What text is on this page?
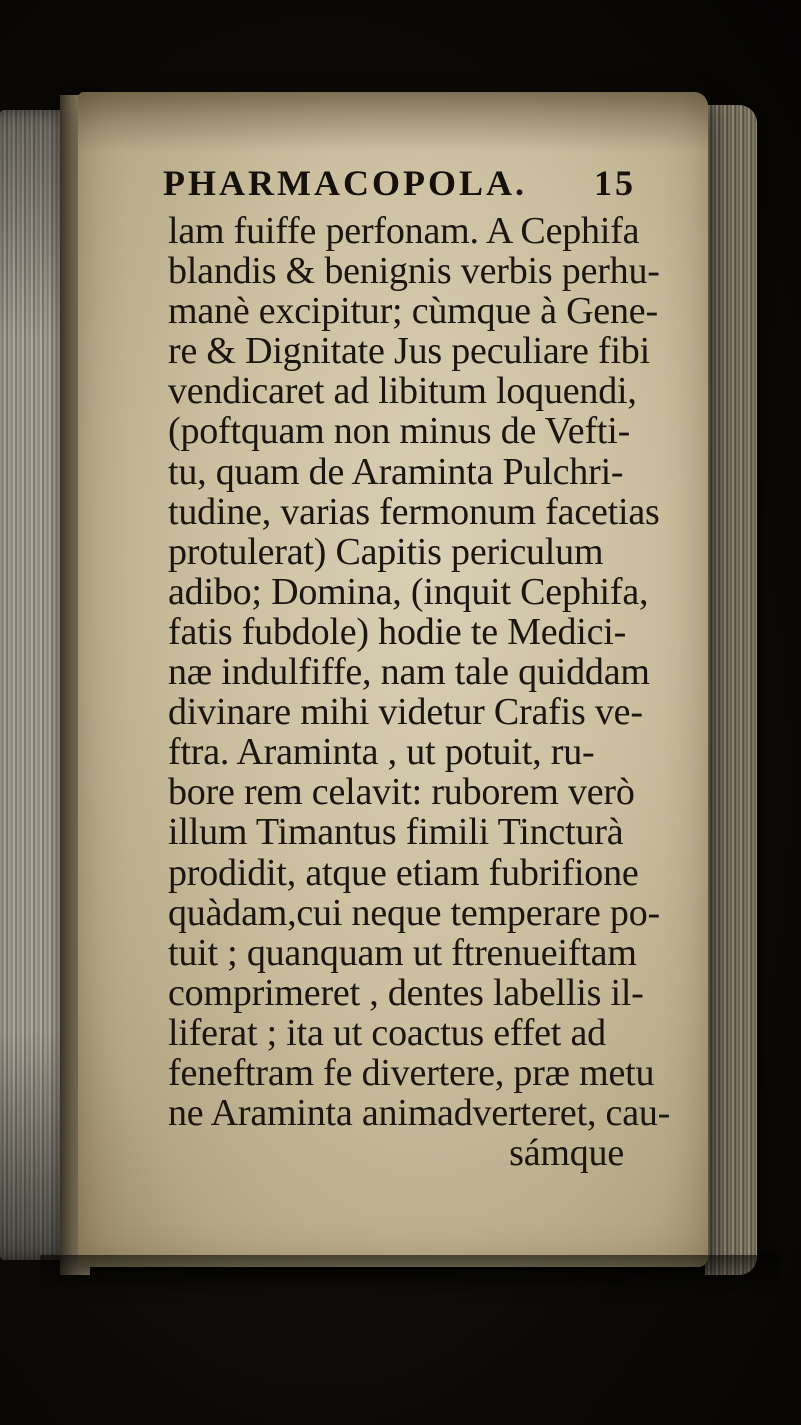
PHARMACOPOLA. 15
lam fuiffe perfonam. A Cephifa
blandis & benignis verbis perhu-
manè excipitur; cùmque à Gene-
re & Dignitate Jus peculiare fibi
vendicaret ad libitum loquendi,
(poftquam non minus de Vefti-
tu, quam de Araminta Pulchri-
tudine, varias fermonum facetias
protulerat) Capitis periculum
adibo; Domina, (inquit Cephifa,
fatis fubdole) hodie te Medici-
næ indulfiffe, nam tale quiddam
divinare mihi videtur Crafis ve-
ftra. Araminta , ut potuit, ru-
bore rem celavit: ruborem verò
illum Timantus fimili Tincturà
prodidit, atque etiam fubrifione
quàdam,cui neque temperare po-
tuit ; quanquam ut ftrenueiftam
comprimeret , dentes labellis il-
liferat ; ita ut coactus effet ad
feneftram fe divertere, præ metu
ne Araminta animadverteret, cau-
sámque
